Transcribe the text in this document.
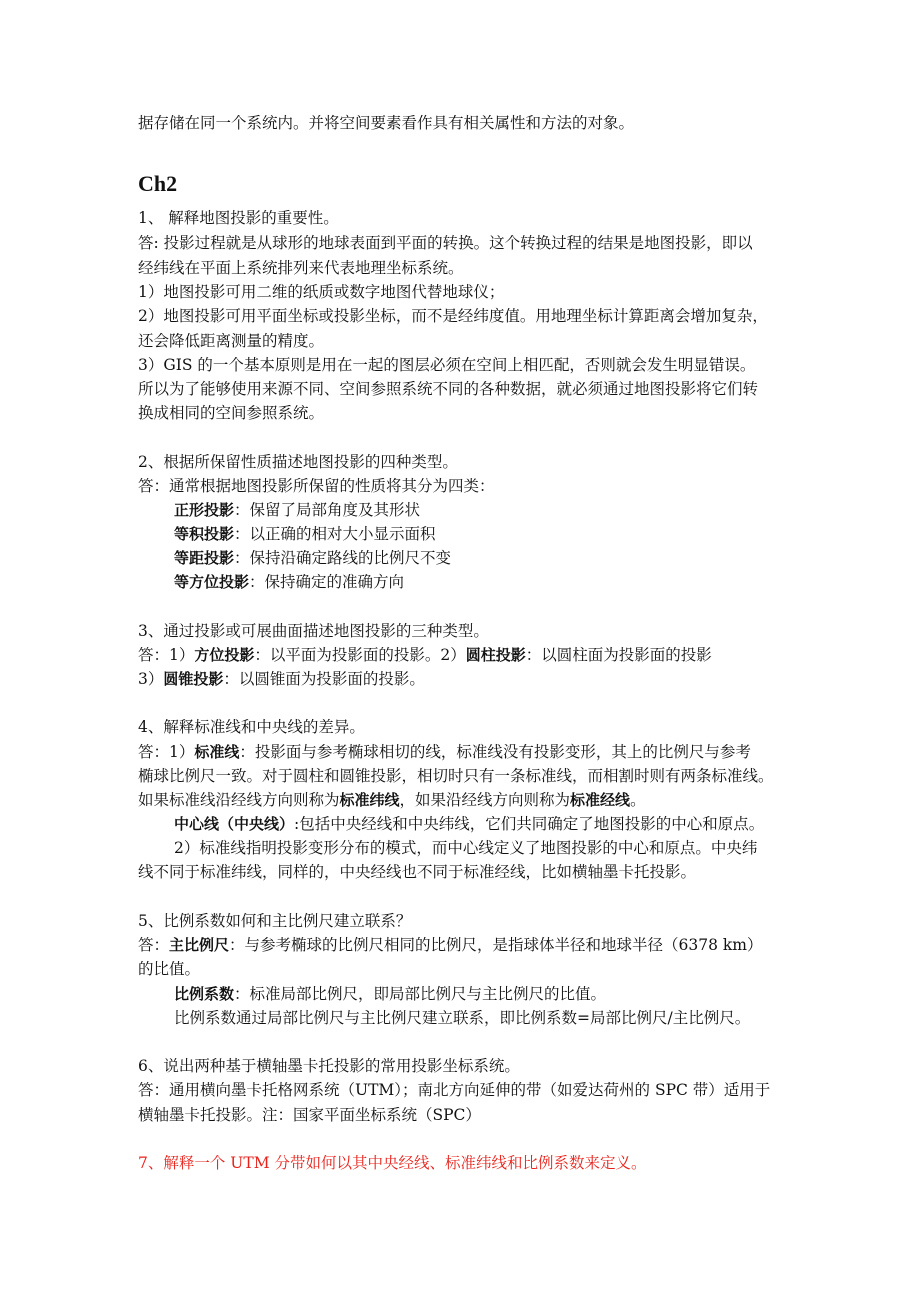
据存储在同一个系统内。并将空间要素看作具有相关属性和方法的对象。
Ch2
1、 解释地图投影的重要性。
答: 投影过程就是从球形的地球表面到平面的转换。这个转换过程的结果是地图投影，即以
经纬线在平面上系统排列来代表地理坐标系统。
1）地图投影可用二维的纸质或数字地图代替地球仪；
2）地图投影可用平面坐标或投影坐标，而不是经纬度值。用地理坐标计算距离会增加复杂，
还会降低距离测量的精度。
3）GIS 的一个基本原则是用在一起的图层必须在空间上相匹配，否则就会发生明显错误。
所以为了能够使用来源不同、空间参照系统不同的各种数据，就必须通过地图投影将它们转
换成相同的空间参照系统。
2、根据所保留性质描述地图投影的四种类型。
答：通常根据地图投影所保留的性质将其分为四类：
正形投影：保留了局部角度及其形状
等积投影：以正确的相对大小显示面积
等距投影：保持沿确定路线的比例尺不变
等方位投影：保持确定的准确方向
3、通过投影或可展曲面描述地图投影的三种类型。
答：1）方位投影：以平面为投影面的投影。2）圆柱投影：以圆柱面为投影面的投影
3）圆锥投影：以圆锥面为投影面的投影。
4、解释标准线和中央线的差异。
答：1）标准线：投影面与参考椭球相切的线，标准线没有投影变形，其上的比例尺与参考
椭球比例尺一致。对于圆柱和圆锥投影，相切时只有一条标准线，而相割时则有两条标准线。
如果标准线沿经线方向则称为标准纬线，如果沿经线方向则称为标准经线。
中心线（中央线）:包括中央经线和中央纬线，它们共同确定了地图投影的中心和原点。
2）标准线指明投影变形分布的模式，而中心线定义了地图投影的中心和原点。中央纬
线不同于标准纬线，同样的，中央经线也不同于标准经线，比如横轴墨卡托投影。
5、比例系数如何和主比例尺建立联系？
答：主比例尺：与参考椭球的比例尺相同的比例尺，是指球体半径和地球半径（6378 km）
的比值。
比例系数：标准局部比例尺，即局部比例尺与主比例尺的比值。
比例系数通过局部比例尺与主比例尺建立联系，即比例系数=局部比例尺/主比例尺。
6、说出两种基于横轴墨卡托投影的常用投影坐标系统。
答：通用横向墨卡托格网系统（UTM）；南北方向延伸的带（如爱达荷州的 SPC 带）适用于
横轴墨卡托投影。注：国家平面坐标系统（SPC）
7、解释一个 UTM 分带如何以其中央经线、标准纬线和比例系数来定义。
